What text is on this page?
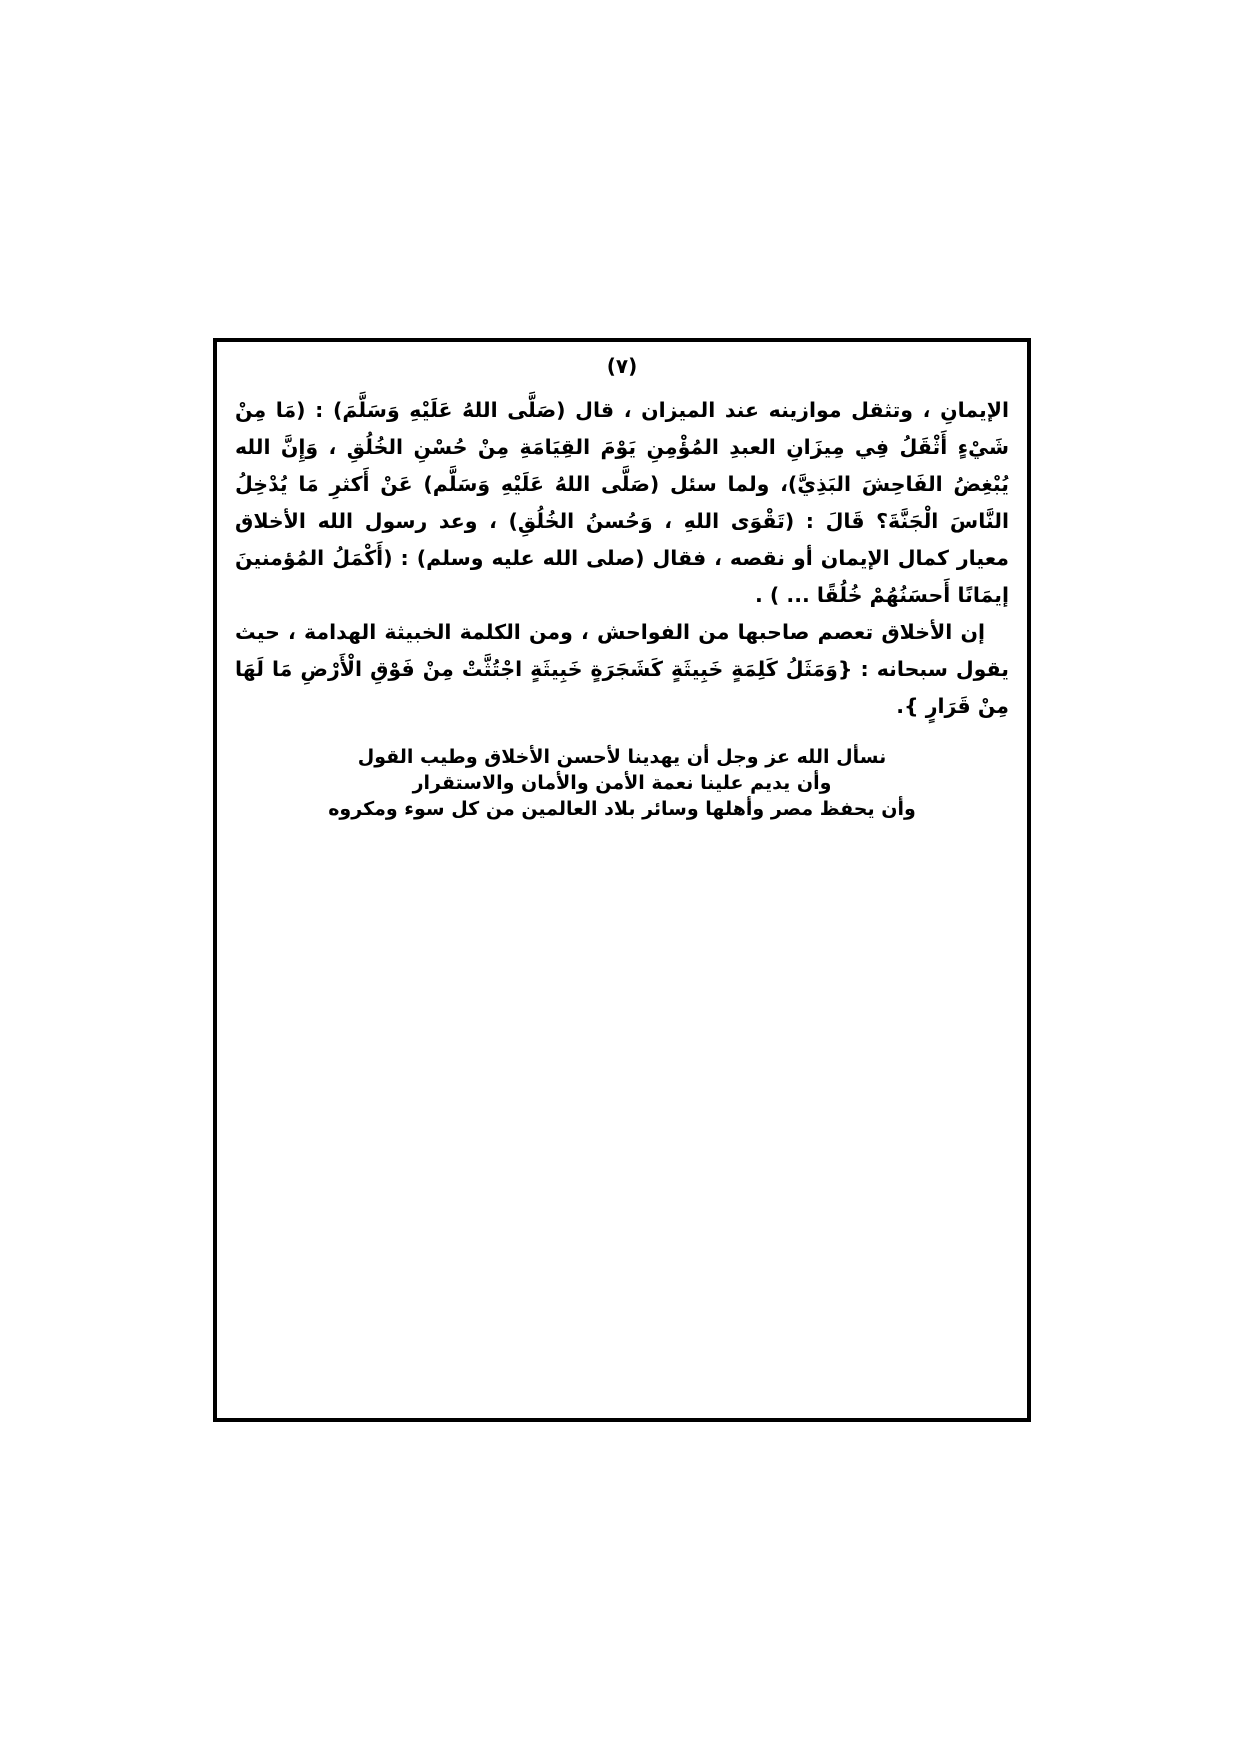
(٧)

الإيمانِ ، وتثقل موازينه عند الميزان ، قال (صَلَّى اللهُ عَلَيْهِ وَسَلَّمَ) : (مَا مِنْ شَيْءٍ أَثْقَلُ فِي مِيزَانِ العبدِ المُؤْمِنِ يَوْمَ القِيَامَةِ مِنْ حُسْنِ الخُلُقِ ، وَإِنَّ الله يُبْغِضُ الفَاحِشَ البَذِيَّ)، ولما سئل (صَلَّى اللهُ عَلَيْهِ وَسَلَّم) عَنْ أَكثرِ مَا يُدْخِلُ النَّاسَ الْجَنَّةَ؟ قَالَ : (تَقْوَى اللهِ ، وَحُسنُ الخُلُقِ) ، وعد رسول الله الأخلاق معيار كمال الإيمان أو نقصه ، فقال (صلى الله عليه وسلم) : (أَكْمَلُ المُؤمنينَ إيمَانًا أَحسَنُهُمْ خُلُقًا ... ) .

إن الأخلاق تعصم صاحبها من الفواحش ، ومن الكلمة الخبيثة الهدامة ، حيث يقول سبحانه : {وَمَثَلُ كَلِمَةٍ خَبِيثَةٍ كَشَجَرَةٍ خَبِيثَةٍ اجْتُثَّتْ مِنْ فَوْقِ الْأَرْضِ مَا لَهَا مِنْ قَرَارٍ }.

نسأل الله عز وجل أن يهدينا لأحسن الأخلاق وطيب القول
وأن يديم علينا نعمة الأمن والأمان والاستقرار
وأن يحفظ مصر وأهلها وسائر بلاد العالمين من كل سوء ومكروه
